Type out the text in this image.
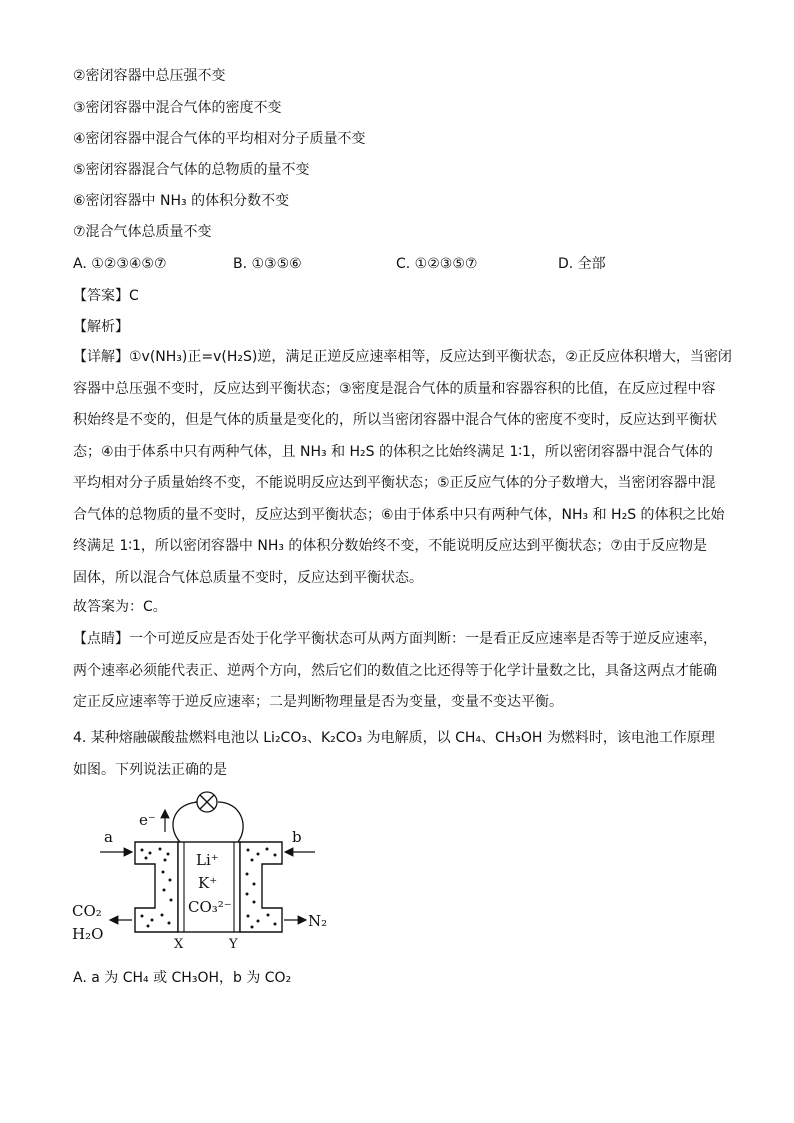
②密闭容器中总压强不变
③密闭容器中混合气体的密度不变
④密闭容器中混合气体的平均相对分子质量不变
⑤密闭容器混合气体的总物质的量不变
⑥密闭容器中 NH₃ 的体积分数不变
⑦混合气体总质量不变
A. ①②③④⑤⑦	B. ①③⑤⑥	C. ①②③⑤⑦	D. 全部
【答案】C
【解析】
【详解】①v(NH₃)正=v(H₂S)逆，满足正逆反应速率相等，反应达到平衡状态，②正反应体积增大，当密闭
容器中总压强不变时，反应达到平衡状态；③密度是混合气体的质量和容器容积的比值，在反应过程中容
积始终是不变的，但是气体的质量是变化的，所以当密闭容器中混合气体的密度不变时，反应达到平衡状
态；④由于体系中只有两种气体，且 NH₃ 和 H₂S 的体积之比始终满足 1∶1，所以密闭容器中混合气体的
平均相对分子质量始终不变，不能说明反应达到平衡状态；⑤正反应气体的分子数增大，当密闭容器中混
合气体的总物质的量不变时，反应达到平衡状态；⑥由于体系中只有两种气体，NH₃ 和 H₂S 的体积之比始
终满足 1∶1，所以密闭容器中 NH₃ 的体积分数始终不变，不能说明反应达到平衡状态；⑦由于反应物是
固体，所以混合气体总质量不变时，反应达到平衡状态。
故答案为：C。
【点睛】一个可逆反应是否处于化学平衡状态可从两方面判断：一是看正反应速率是否等于逆反应速率，
两个速率必须能代表正、逆两个方向，然后它们的数值之比还得等于化学计量数之比，具备这两点才能确
定正反应速率等于逆反应速率；二是判断物理量是否为变量，变量不变达平衡。
4. 某种熔融碳酸盐燃料电池以 Li₂CO₃、K₂CO₃ 为电解质，以 CH₄、CH₃OH 为燃料时，该电池工作原理
如图。下列说法正确的是
e⁻
Li⁺
K⁺
CO₃²⁻
a	b
CO₂
H₂O
N₂
X	Y
A. a 为 CH₄ 或 CH₃OH，b 为 CO₂
